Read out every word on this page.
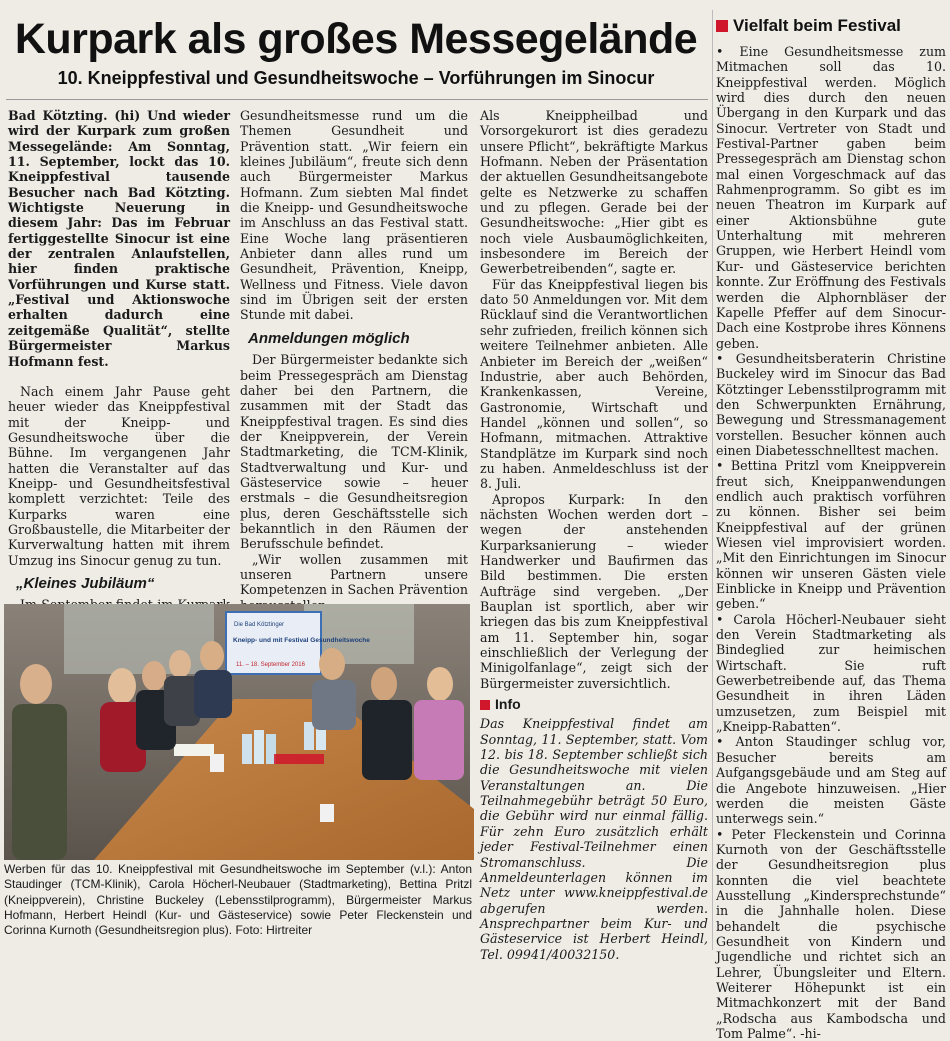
Kurpark als großes Messegelände
10. Kneippfestival und Gesundheitswoche – Vorführungen im Sinocur

Bad Kötzting. (hi) Und wieder wird der Kurpark zum großen Messegelände: Am Sonntag, 11. September, lockt das 10. Kneippfestival tausende Besucher nach Bad Kötzting. Wichtigste Neuerung in diesem Jahr: Das im Februar fertiggestellte Sinocur ist eine der zentralen Anlaufstellen, hier finden praktische Vorführungen und Kurse statt. „Festival und Aktionswoche erhalten dadurch eine zeitgemäße Qualität“, stellte Bürgermeister Markus Hofmann fest.

Nach einem Jahr Pause geht heuer wieder das Kneippfestival mit der Kneipp- und Gesundheitswoche über die Bühne. Im vergangenen Jahr hatten die Veranstalter auf das Kneipp- und Gesundheitsfestival komplett verzichtet: Teile des Kurparks waren eine Großbaustelle, die Mitarbeiter der Kurverwaltung hatten mit ihrem Umzug ins Sinocur genug zu tun.

„Kleines Jubiläum“

Gesundheitsmesse rund um die Themen Gesundheit und Prävention statt. „Wir feiern ein kleines Jubiläum“, freute sich denn auch Bürgermeister Markus Hofmann. Zum siebten Mal findet die Kneipp- und Gesundheitswoche im Anschluss an das Festival statt. Eine Woche lang präsentieren Anbieter dann alles rund um Gesundheit, Prävention, Kneipp, Wellness und Fitness. Viele davon sind im Übrigen seit der ersten Stunde mit dabei.

Anmeldungen möglich

Der Bürgermeister bedankte sich beim Pressegespräch am Dienstag daher bei den Partnern, die zusammen mit der Stadt das Kneippfestival tragen. Es sind dies der Kneippverein, der Verein Stadtmarketing, die TCM-Klinik, Stadtverwaltung und Kur- und Gästeservice sowie – heuer erstmals – die Gesundheitsregion plus, deren Geschäftsstelle sich bekanntlich in den Räumen der Berufsschule befindet.

„Wir wollen zusammen mit unseren Partnern unsere Kompetenzen in Sachen Prävention

Als Kneippheilbad und Vorsorgekurort ist dies geradezu unsere Pflicht“, bekräftigte Markus Hofmann. Neben der Präsentation der aktuellen Gesundheitsangebote gelte es Netzwerke zu schaffen und zu pflegen. Gerade bei der Gesundheitswoche: „Hier gibt es noch viele Ausbaumöglichkeiten, insbesondere im Bereich der Gewerbetreibenden“, sagte er.

Für das Kneippfestival liegen bis dato 50 Anmeldungen vor. Mit dem Rücklauf sind die Verantwortlichen sehr zufrieden, freilich können sich weitere Teilnehmer anbieten. Alle Anbieter im Bereich der „weißen“ Industrie, aber auch Behörden, Krankenkassen, Vereine, Gastronomie, Wirtschaft und Handel „können und sollen“, so Hofmann, mitmachen. Attraktive Standplätze im Kurpark sind noch zu haben. Anmeldeschluss ist der 8. Juli.

Apropos Kurpark: In den nächsten Wochen werden dort – wegen der anstehenden Kurparksanierung – wieder Handwerker und Baufirmen das Bild bestimmen. Die ersten Aufträge sind vergeben. „Der Bauplan ist sportlich, aber wir kriegen das bis zum Kneippfestival am 11. September hin, sogar einschließlich der Verlegung der Minigolfanlage“, zeigt sich der Bürgermeister zuversichtlich.

Info

Das Kneippfestival findet am Sonntag, 11. September, statt. Vom 12. bis 18. September schließt sich die Gesundheitswoche mit vielen Veranstaltungen an. Die Teilnahmegebühr beträgt 50 Euro, die Gebühr wird nur einmal fällig. Für zehn Euro zusätzlich erhält jeder Festival-Teilnehmer einen Stromanschluss. Die Anmeldeunterlagen können im Netz unter www.kneippfestival.de abgerufen werden. Ansprechpartner beim Kur- und Gästeservice ist Herbert Heindl, Tel. 09941/40032150.

Die Bad Kötztinger
Kneipp- und mit Festival Gesundheitswoche
11. – 18. September 2016
Werben für das 10. Kneippfestival mit Gesundheitswoche im September (v.l.): Anton Staudinger (TCM-Klinik), Carola Höcherl-Neubauer (Stadtmarketing), Bettina Pritzl (Kneippverein), Christine Buckeley (Lebensstilprogramm), Bürgermeister Markus Hofmann, Herbert Heindl (Kur- und Gästeservice) sowie Peter Fleckenstein und Corinna Kurnoth (Gesundheitsregion plus). Foto: Hirtreiter
Vielfalt beim Festival

• Eine Gesundheitsmesse zum Mitmachen soll das 10. Kneippfestival werden. Möglich wird dies durch den neuen Übergang in den Kurpark und das Sinocur. Vertreter von Stadt und Festival-Partner gaben beim Pressegespräch am Dienstag schon mal einen Vorgeschmack auf das Rahmenprogramm. So gibt es im neuen Theatron im Kurpark auf einer Aktionsbühne gute Unterhaltung mit mehreren Gruppen, wie Herbert Heindl vom Kur- und Gästeservice berichten konnte. Zur Eröffnung des Festivals werden die Alphornbläser der Kapelle Pfeffer auf dem Sinocur-Dach eine Kostprobe ihres Könnens geben.

• Gesundheitsberaterin Christine Buckeley wird im Sinocur das Bad Kötztinger Lebensstilprogramm mit den Schwerpunkten Ernährung, Bewegung und Stressmanagement vorstellen. Besucher können auch einen Diabetesschnelltest machen.

• Bettina Pritzl vom Kneippverein freut sich, Kneippanwendungen endlich auch praktisch vorführen zu können. Bisher sei beim Kneippfestival auf der grünen Wiesen viel improvisiert worden. „Mit den Einrichtungen im Sinocur können wir unseren Gästen viele Einblicke in Kneipp und Prävention geben.“

• Carola Höcherl-Neubauer sieht den Verein Stadtmarketing als Bindeglied zur heimischen Wirtschaft. Sie ruft Gewerbetreibende auf, das Thema Gesundheit in ihren Läden umzusetzen, zum Beispiel mit „Kneipp-Rabatten“.

• Anton Staudinger schlug vor, Besucher bereits am Aufgangsgebäude und am Steg auf die Angebote hinzuweisen. „Hier werden die meisten Gäste unterwegs sein.“

• Peter Fleckenstein und Corinna Kurnoth von der Geschäftsstelle der Gesundheitsregion plus konnten die viel beachtete Ausstellung „Kindersprechstunde“ in die Jahnhalle holen. Diese behandelt die psychische Gesundheit von Kindern und Jugendliche und richtet sich an Lehrer, Übungsleiter und Eltern. Weiterer Höhepunkt ist ein Mitmachkonzert mit der Band „Rodscha aus Kambodscha und Tom Palme“. -hi-
